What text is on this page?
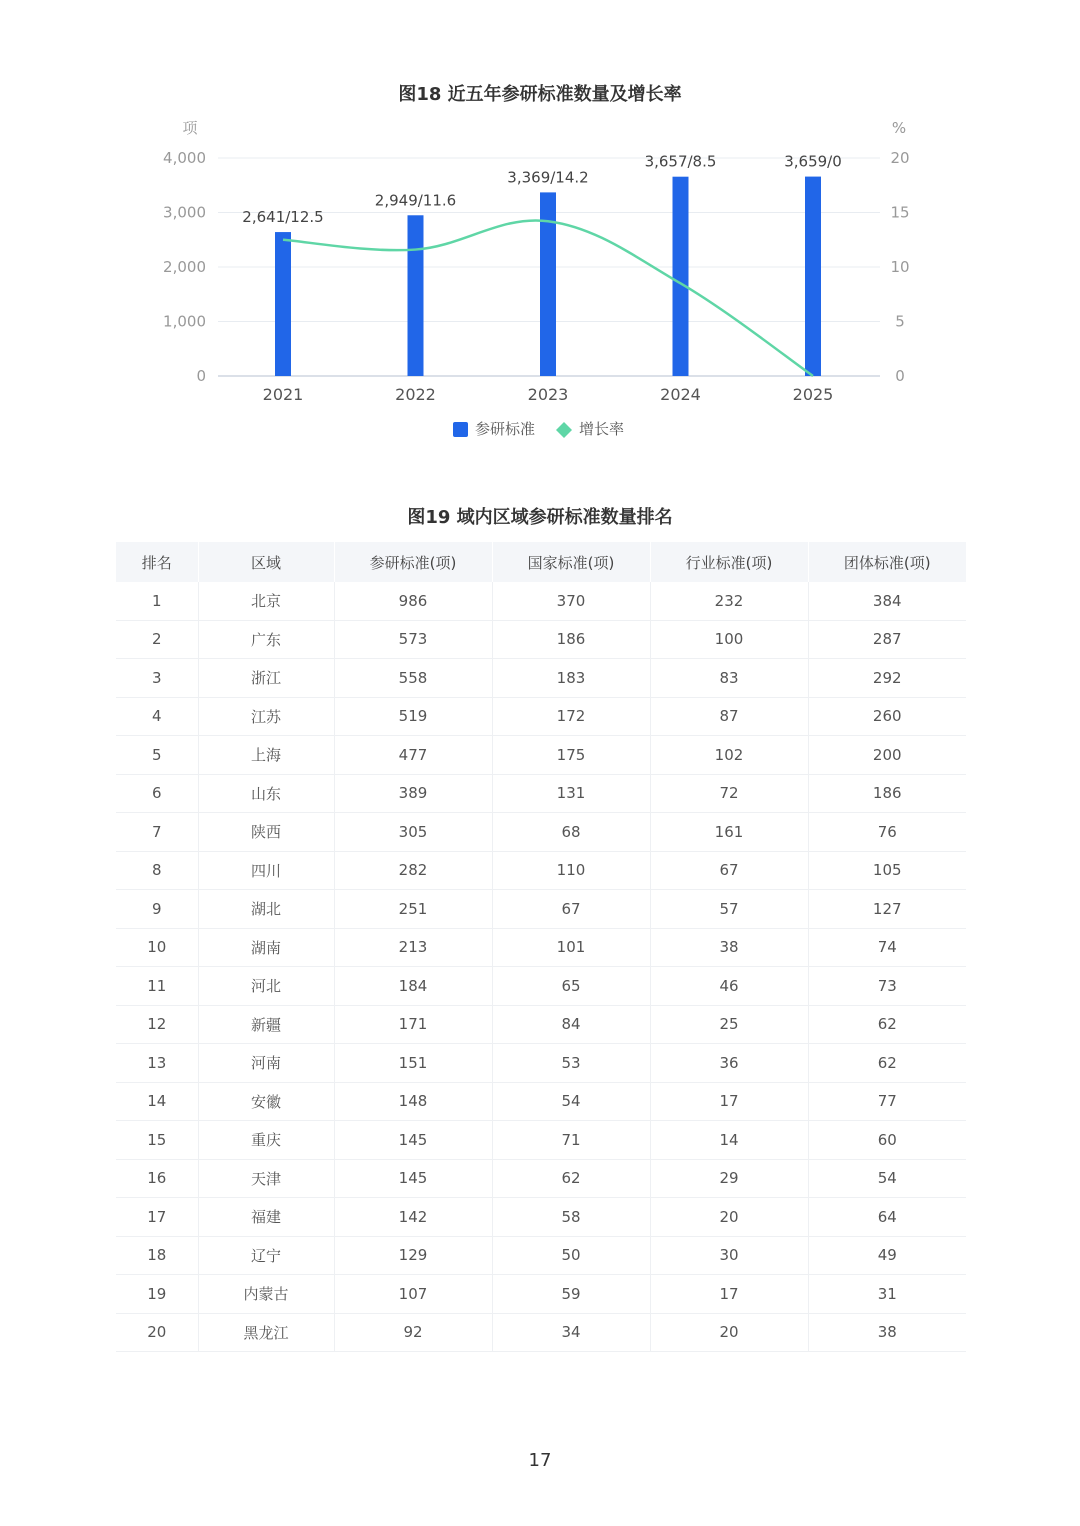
图18 近五年参研标准数量及增长率
项	%
0	0
1,000	5
2,000	10
3,000	15
4,000	20
2,641/12.5
2,949/11.6
3,369/14.2
3,657/8.5	3,659/0
2021	2022	2023	2024	2025
参研标准	增长率
图19 域内区域参研标准数量排名
排名	区域	参研标准(项)	国家标准(项)	行业标准(项)	团体标准(项)
1	北京	986	370	232	384
2	广东	573	186	100	287
3	浙江	558	183	83	292
4	江苏	519	172	87	260
5	上海	477	175	102	200
6	山东	389	131	72	186
7	陕西	305	68	161	76
8	四川	282	110	67	105
9	湖北	251	67	57	127
10	湖南	213	101	38	74
11	河北	184	65	46	73
12	新疆	171	84	25	62
13	河南	151	53	36	62
14	安徽	148	54	17	77
15	重庆	145	71	14	60
16	天津	145	62	29	54
17	福建	142	58	20	64
18	辽宁	129	50	30	49
19	内蒙古	107	59	17	31
20	黑龙江	92	34	20	38
17
